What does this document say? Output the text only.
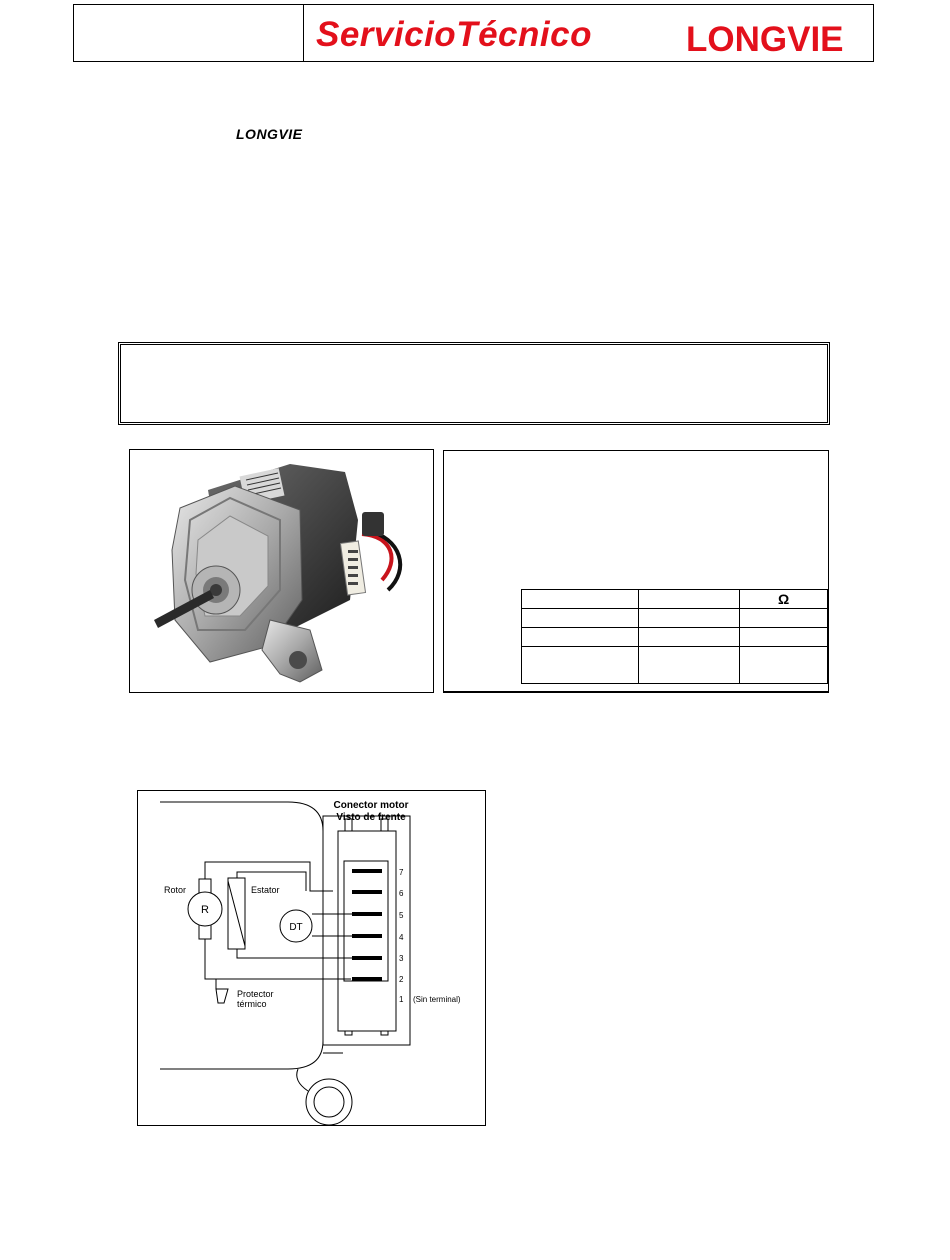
ServicioTécnico	LONGVIE
LONGVIE
		Ω

Conector motor
Visto de frente
Rotor
R
Estator
DT
Protector
térmico
7
6
5
4
3
2
1 (Sin terminal)
